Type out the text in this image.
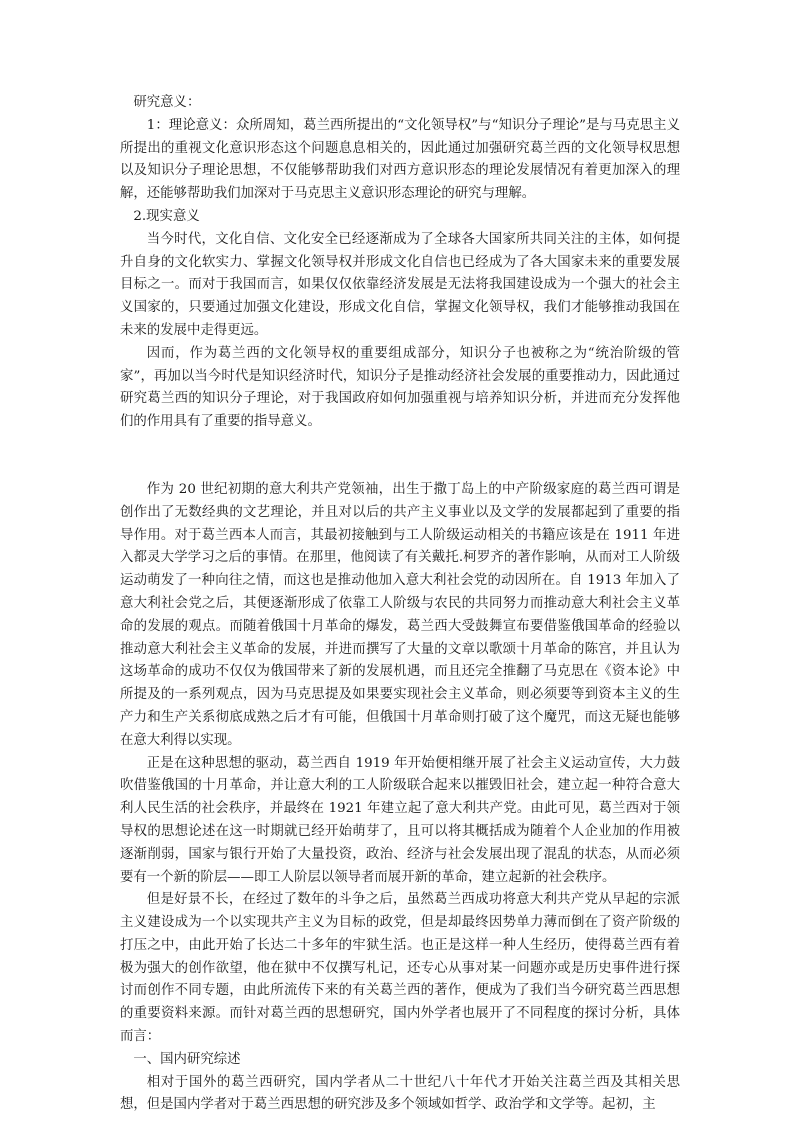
研究意义：

1：理论意义：众所周知，葛兰西所提出的“文化领导权”与“知识分子理论”是与马克思主义所提出的重视文化意识形态这个问题息息相关的，因此通过加强研究葛兰西的文化领导权思想以及知识分子理论思想，不仅能够帮助我们对西方意识形态的理论发展情况有着更加深入的理解，还能够帮助我们加深对于马克思主义意识形态理论的研究与理解。

2.现实意义

当今时代，文化自信、文化安全已经逐渐成为了全球各大国家所共同关注的主体，如何提升自身的文化软实力、掌握文化领导权并形成文化自信也已经成为了各大国家未来的重要发展目标之一。而对于我国而言，如果仅仅依靠经济发展是无法将我国建设成为一个强大的社会主义国家的，只要通过加强文化建设，形成文化自信，掌握文化领导权，我们才能够推动我国在未来的发展中走得更远。

因而，作为葛兰西的文化领导权的重要组成部分，知识分子也被称之为“统治阶级的管家”，再加以当今时代是知识经济时代，知识分子是推动经济社会发展的重要推动力，因此通过研究葛兰西的知识分子理论，对于我国政府如何加强重视与培养知识分析，并进而充分发挥他们的作用具有了重要的指导意义。

作为 20 世纪初期的意大利共产党领袖，出生于撒丁岛上的中产阶级家庭的葛兰西可谓是创作出了无数经典的文艺理论，并且对以后的共产主义事业以及文学的发展都起到了重要的指导作用。对于葛兰西本人而言，其最初接触到与工人阶级运动相关的书籍应该是在 1911 年进入都灵大学学习之后的事情。在那里，他阅读了有关戴托.柯罗齐的著作影响，从而对工人阶级运动萌发了一种向往之情，而这也是推动他加入意大利社会党的动因所在。自 1913 年加入了意大利社会党之后，其便逐渐形成了依靠工人阶级与农民的共同努力而推动意大利社会主义革命的发展的观点。而随着俄国十月革命的爆发，葛兰西大受鼓舞宣布要借鉴俄国革命的经验以推动意大利社会主义革命的发展，并进而撰写了大量的文章以歌颂十月革命的陈宫，并且认为这场革命的成功不仅仅为俄国带来了新的发展机遇，而且还完全推翻了马克思在《资本论》中所提及的一系列观点，因为马克思提及如果要实现社会主义革命，则必须要等到资本主义的生产力和生产关系彻底成熟之后才有可能，但俄国十月革命则打破了这个魔咒，而这无疑也能够在意大利得以实现。

正是在这种思想的驱动，葛兰西自 1919 年开始便相继开展了社会主义运动宣传，大力鼓吹借鉴俄国的十月革命，并让意大利的工人阶级联合起来以摧毁旧社会，建立起一种符合意大利人民生活的社会秩序，并最终在 1921 年建立起了意大利共产党。由此可见，葛兰西对于领导权的思想论述在这一时期就已经开始萌芽了，且可以将其概括成为随着个人企业加的作用被逐渐削弱，国家与银行开始了大量投资，政治、经济与社会发展出现了混乱的状态，从而必须要有一个新的阶层——即工人阶层以领导者而展开新的革命，建立起新的社会秩序。

但是好景不长，在经过了数年的斗争之后，虽然葛兰西成功将意大利共产党从早起的宗派主义建设成为一个以实现共产主义为目标的政党，但是却最终因势单力薄而倒在了资产阶级的打压之中，由此开始了长达二十多年的牢狱生活。也正是这样一种人生经历，使得葛兰西有着极为强大的创作欲望，他在狱中不仅撰写札记，还专心从事对某一问题亦或是历史事件进行探讨而创作不同专题，由此所流传下来的有关葛兰西的著作，便成为了我们当今研究葛兰西思想的重要资料来源。而针对葛兰西的思想研究，国内外学者也展开了不同程度的探讨分析，具体而言：

一、国内研究综述

相对于国外的葛兰西研究，国内学者从二十世纪八十年代才开始关注葛兰西及其相关思想，但是国内学者对于葛兰西思想的研究涉及多个领域如哲学、政治学和文学等。起初，主
